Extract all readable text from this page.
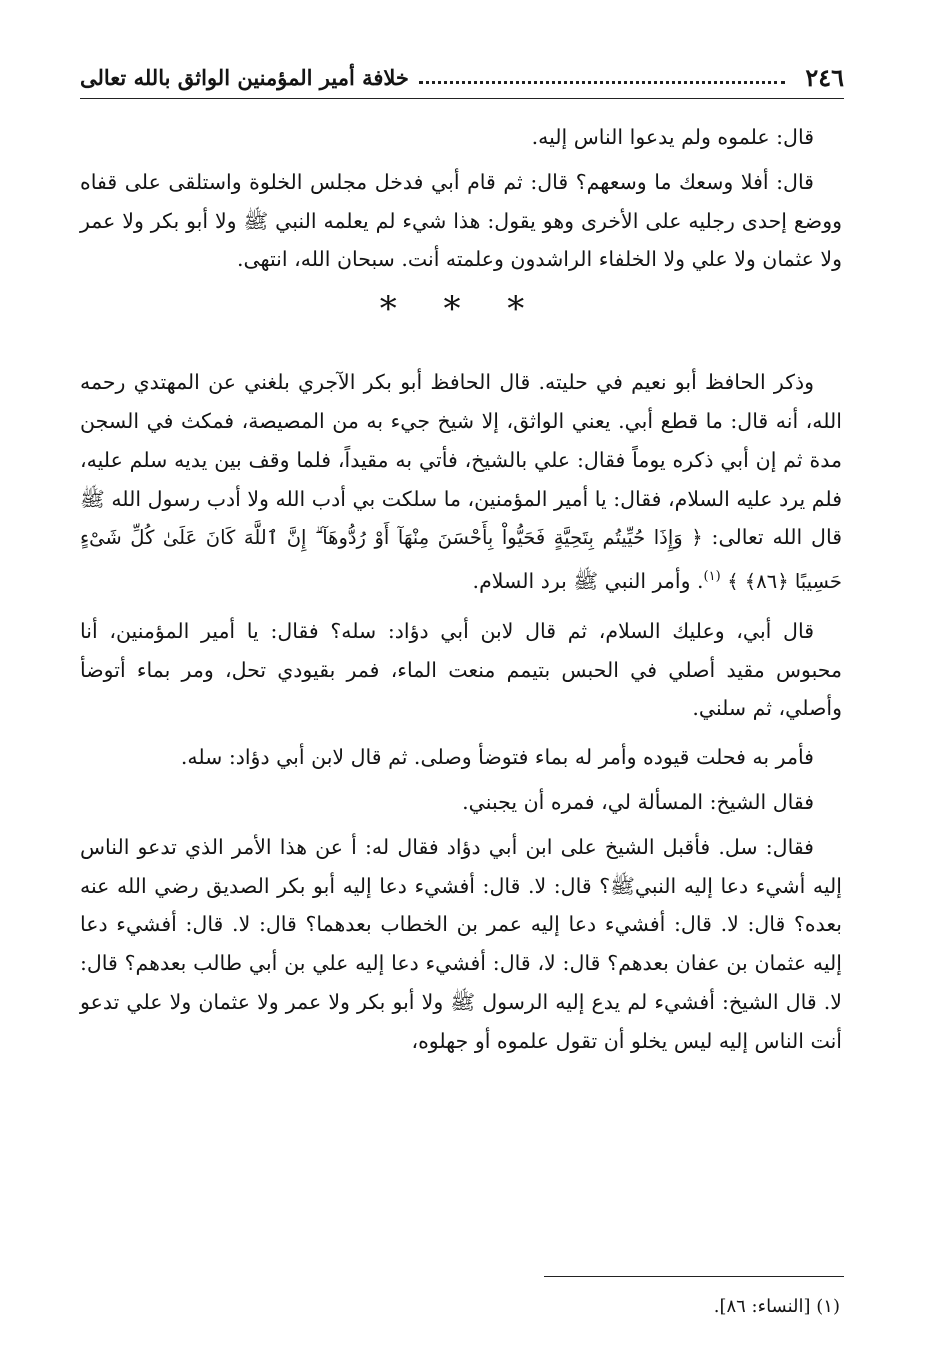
٢٤٦
خلافة أمير المؤمنين الواثق بالله تعالى

قال: علموه ولم يدعوا الناس إليه.

قال: أفلا وسعك ما وسعهم؟ قال: ثم قام أبي فدخل مجلس الخلوة واستلقى على قفاه ووضع إحدى رجليه على الأخرى وهو يقول: هذا شيء لم يعلمه النبي ﷺ ولا أبو بكر ولا عمر ولا عثمان ولا علي ولا الخلفاء الراشدون وعلمته أنت. سبحان الله، انتهى.

* * *

وذكر الحافظ أبو نعيم في حليته. قال الحافظ أبو بكر الآجري بلغني عن المهتدي رحمه الله، أنه قال: ما قطع أبي. يعني الواثق، إلا شيخ جيء به من المصيصة، فمكث في السجن مدة ثم إن أبي ذكره يوماً فقال: علي بالشيخ، فأتي به مقيداً، فلما وقف بين يديه سلم عليه، فلم يرد عليه السلام، فقال: يا أمير المؤمنين، ما سلكت بي أدب الله ولا أدب رسول الله ﷺ قال الله تعالى: ﴿ وَإِذَا حُيِّيتُم بِتَحِيَّةٍ فَحَيُّواْ بِأَحْسَنَ مِنْهَآ أَوْ رُدُّوهَآ ۗ إِنَّ ٱللَّهَ كَانَ عَلَىٰ كُلِّ شَىْءٍ حَسِيبًا ﴿٨٦﴾ ﴾ $^{(١)}$. وأمر النبي ﷺ برد السلام.

قال أبي، وعليك السلام، ثم قال لابن أبي دؤاد: سله؟ فقال: يا أمير المؤمنين، أنا محبوس مقيد أصلي في الحبس بتيمم منعت الماء، فمر بقيودي تحل، ومر بماء أتوضأ وأصلي، ثم سلني.

فأمر به فحلت قيوده وأمر له بماء فتوضأ وصلى. ثم قال لابن أبي دؤاد: سله.

فقال الشيخ: المسألة لي، فمره أن يجبني.

فقال: سل. فأقبل الشيخ على ابن أبي دؤاد فقال له: أ عن هذا الأمر الذي تدعو الناس إليه أشيء دعا إليه النبيﷺ؟ قال: لا. قال: أفشيء دعا إليه أبو بكر الصديق رضي الله عنه بعده؟ قال: لا. قال: أفشيء دعا إليه عمر بن الخطاب بعدهما؟ قال: لا. قال: أفشيء دعا إليه عثمان بن عفان بعدهم؟ قال: لا، قال: أفشيء دعا إليه علي بن أبي طالب بعدهم؟ قال: لا. قال الشيخ: أفشيء لم يدع إليه الرسول ﷺ ولا أبو بكر ولا عمر ولا عثمان ولا علي تدعو أنت الناس إليه ليس يخلو أن تقول علموه أو جهلوه،

(١) [النساء: ٨٦].
